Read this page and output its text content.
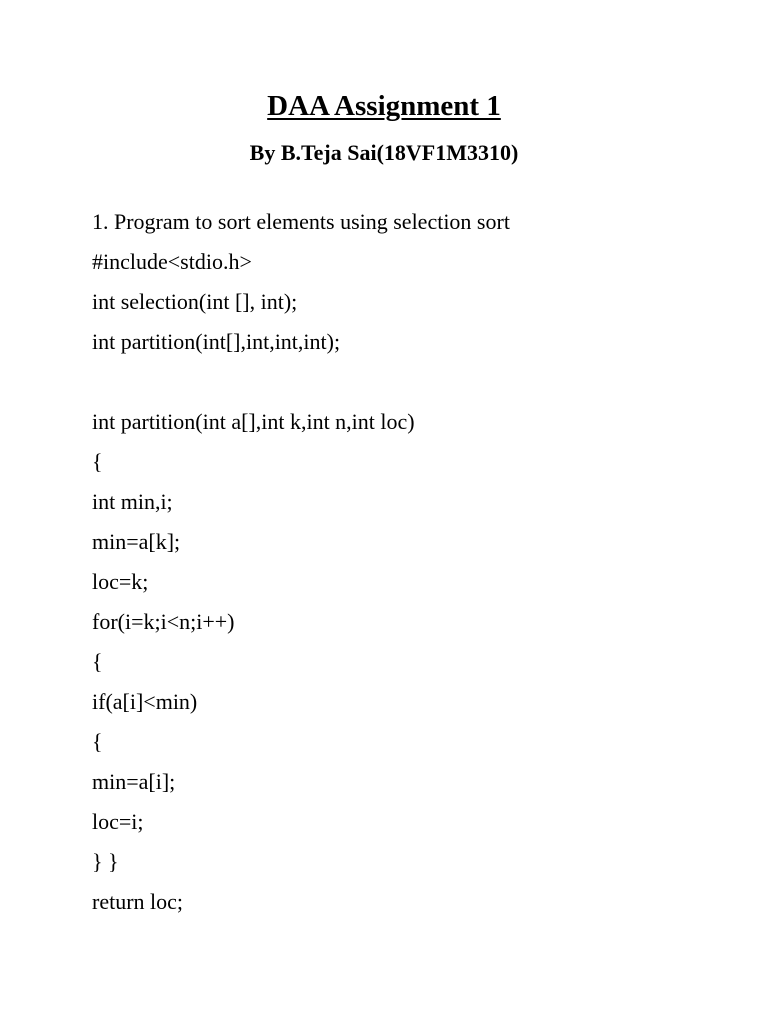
DAA Assignment 1
By B.Teja Sai(18VF1M3310)
1. Program to sort elements using selection sort
#include<stdio.h>
int selection(int [], int);
int partition(int[],int,int,int);
int partition(int a[],int k,int n,int loc)
{
int min,i;
min=a[k];
loc=k;
for(i=k;i<n;i++)
{
if(a[i]<min)
{
min=a[i];
loc=i;
} }
return loc;
